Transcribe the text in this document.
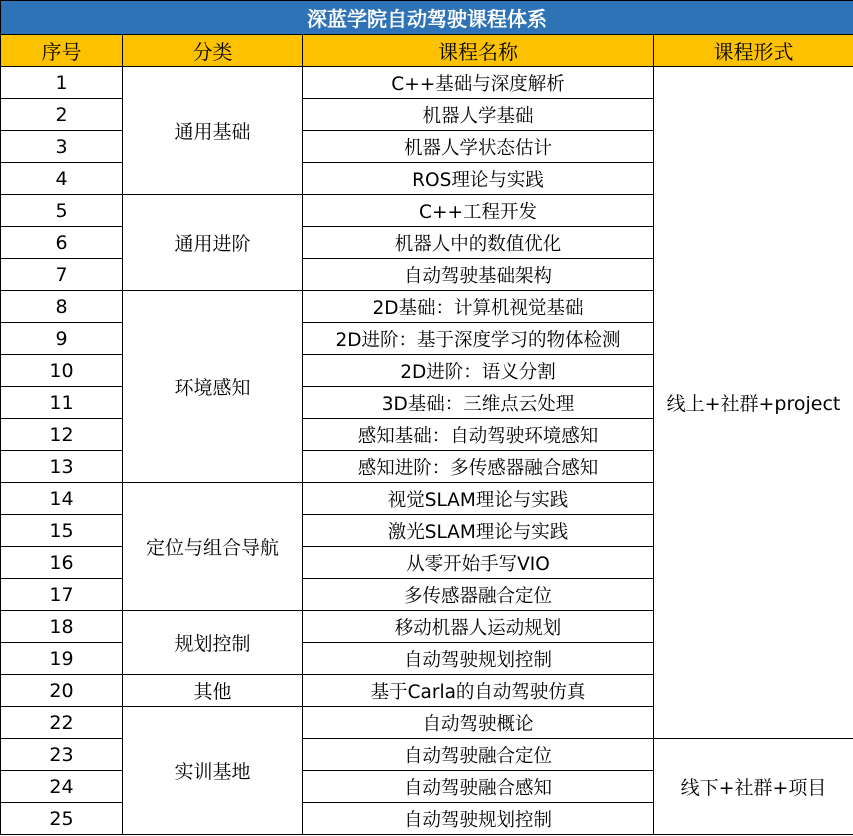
深蓝学院自动驾驶课程体系			
序号	分类	课程名称	课程形式
1	通用基础	C++基础与深度解析	线上+社群+project
2		机器人学基础	
3		机器人学状态估计	
4		ROS理论与实践	
5	通用进阶	C++工程开发	
6		机器人中的数值优化	
7		自动驾驶基础架构	
8	环境感知	2D基础：计算机视觉基础	
9		2D进阶：基于深度学习的物体检测	
10		2D进阶：语义分割	
11		3D基础：三维点云处理	
12		感知基础：自动驾驶环境感知	
13		感知进阶：多传感器融合感知	
14	定位与组合导航	视觉SLAM理论与实践	
15		激光SLAM理论与实践	
16		从零开始手写VIO	
17		多传感器融合定位	
18	规划控制	移动机器人运动规划	
19		自动驾驶规划控制	
20	其他	基于Carla的自动驾驶仿真	
22	实训基地	自动驾驶概论	
23		自动驾驶融合定位	线下+社群+项目
24		自动驾驶融合感知	
25		自动驾驶规划控制	
